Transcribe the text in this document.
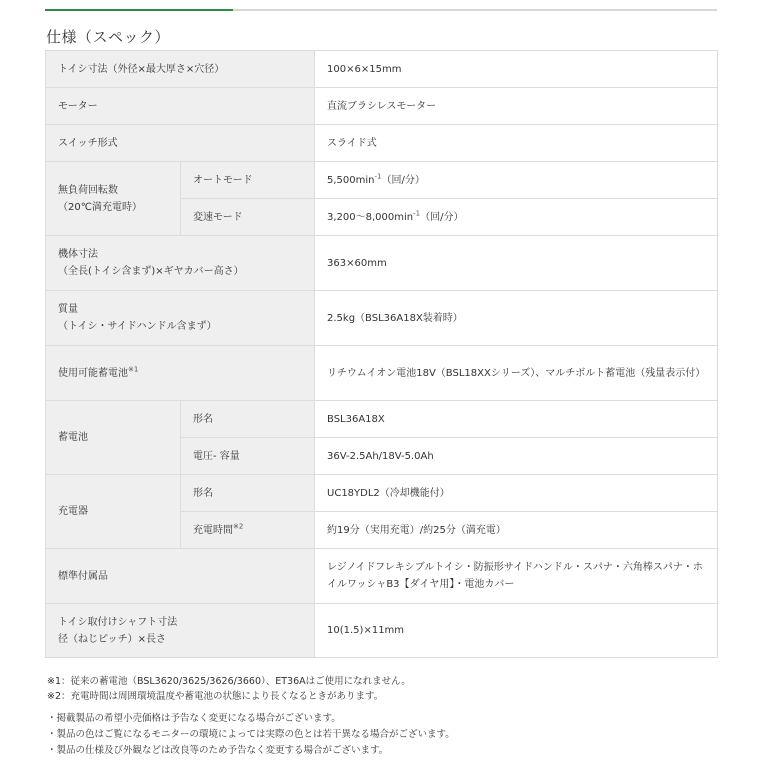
仕様（スペック）
トイシ寸法（外径×最大厚さ×穴径）		100×6×15mm
モーター		直流ブラシレスモーター
スイッチ形式		スライド式

無負荷回転数
（20℃満充電時）	オートモード	$5,500\min^{-1}$（回/分）
	変速モード	$3,200\sim 8,000\min^{-1}$（回/分）

機体寸法
（全長(トイシ含まず)×ギヤカバー高さ）		363×60mm

質量
（トイシ・サイドハンドル含まず）		2.5kg（BSL36A18X装着時）
使用可能蓄電池$^{※1}$		リチウムイオン電池18V（BSL18XXシリーズ）、マルチボルト蓄電池（残量表示付）
蓄電池	形名	BSL36A18X
	電圧- 容量	36V-2.5Ah/18V-5.0Ah
充電器	形名	UC18YDL2（冷却機能付）
	充電時間$^{※2}$	約19分（実用充電）/約25分（満充電）
標準付属品		レジノイドフレキシブルトイシ・防振形サイドハンドル・スパナ・六角棒スパナ・ホイルワッシャB3【ダイヤ用】・電池カバー

トイシ取付けシャフト寸法
径（ねじピッチ）×長さ		10(1.5)×11mm
※1：従来の蓄電池（BSL3620/3625/3626/3660）、ET36Aはご使用になれません。
※2：充電時間は周囲環境温度や蓄電池の状態により長くなるときがあります。
・掲載製品の希望小売価格は予告なく変更になる場合がございます。
・製品の色はご覧になるモニターの環境によっては実際の色とは若干異なる場合がございます。
・製品の仕様及び外観などは改良等のため予告なく変更する場合がございます。
